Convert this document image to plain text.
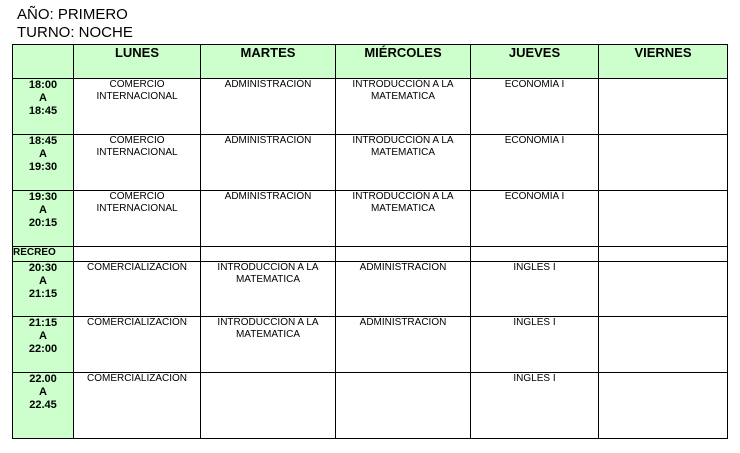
AÑO: PRIMERO
TURNO: NOCHE
	LUNES	MARTES	MIÉRCOLES	JUEVES	VIERNES

18:00
A
18:45	COMERCIO
INTERNACIONAL	ADMINISTRACIÓN	INTRODUCCIÓN A LA
MATEMATICA	ECONOMÍA I	

18:45
A
19:30	COMERCIO
INTERNACIONAL	ADMINISTRACIÓN	INTRODUCCIÓN A LA
MATEMATICA	ECONOMÍA I	

19:30
A
20:15	COMERCIO
INTERNACIONAL	ADMINISTRACIÓN	INTRODUCCIÓN A LA
MATEMATICA	ECONOMÍA I	
RECREO					

20:30
A
21:15	COMERCIALIZACION	INTRODUCCION A LA
MATEMATICA	ADMINISTRACION	INGLES I	

21:15
A
22:00	COMERCIALIZACION	INTRODUCCION A LA
MATEMATICA	ADMINISTRACION	INGLES I	

22.00
A
22.45	COMERCIALIZACION			INGLES I	
